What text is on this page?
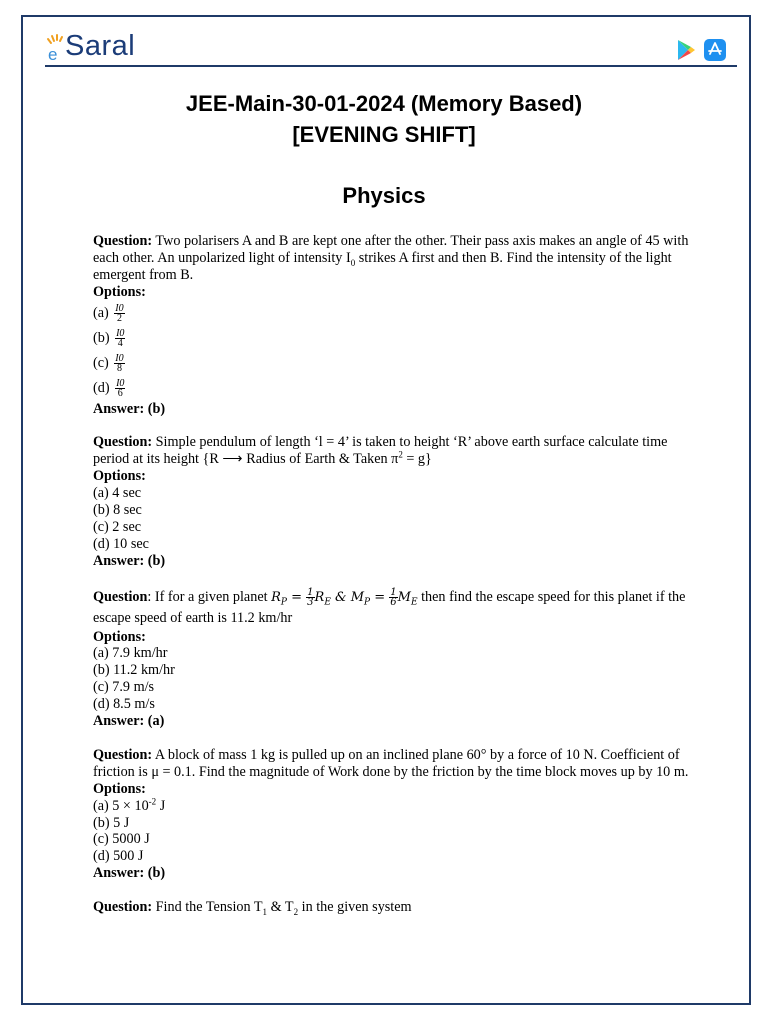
e Saral
JEE-Main-30-01-2024 (Memory Based)
[EVENING SHIFT]
Physics
Question: Two polarisers A and B are kept one after the other. Their pass axis makes an angle of 45 with each other. An unpolarized light of intensity $I_0$ strikes A first and then B. Find the intensity of the light emergent from B.
Options:
$(a) \frac{I0}{2}$
$(b) \frac{I0}{4}$
$(c) \frac{I0}{8}$
$(d) \frac{I0}{6}$
Answer: (b)
Question: Simple pendulum of length ‘l = 4’ is taken to height ‘R’ above earth surface calculate time period at its height {R ⟶ Radius of Earth & Taken $\pi^2 = g$}
Options:
(a) 4 sec
(b) 8 sec
(c) 2 sec
(d) 10 sec
Answer: (b)
Question: If for a given planet $R_P = \frac{1}{3} R_E$ & $M_P = \frac{1}{6} M_E$ then find the escape speed for this planet if the escape speed of earth is 11.2 km/hr
Options:
(a) 7.9 km/hr
(b) 11.2 km/hr
(c) 7.9 m/s
(d) 8.5 m/s
Answer: (a)
Question: A block of mass 1 kg is pulled up on an inclined plane 60° by a force of 10 N. Coefficient of friction is μ = 0.1. Find the magnitude of Work done by the friction by the time block moves up by 10 m.
Options:
(a) $5 \times 10^{-2}$ J
(b) 5 J
(c) 5000 J
(d) 500 J
Answer: (b)
Question: Find the Tension $T_1$ & $T_2$ in the given system
